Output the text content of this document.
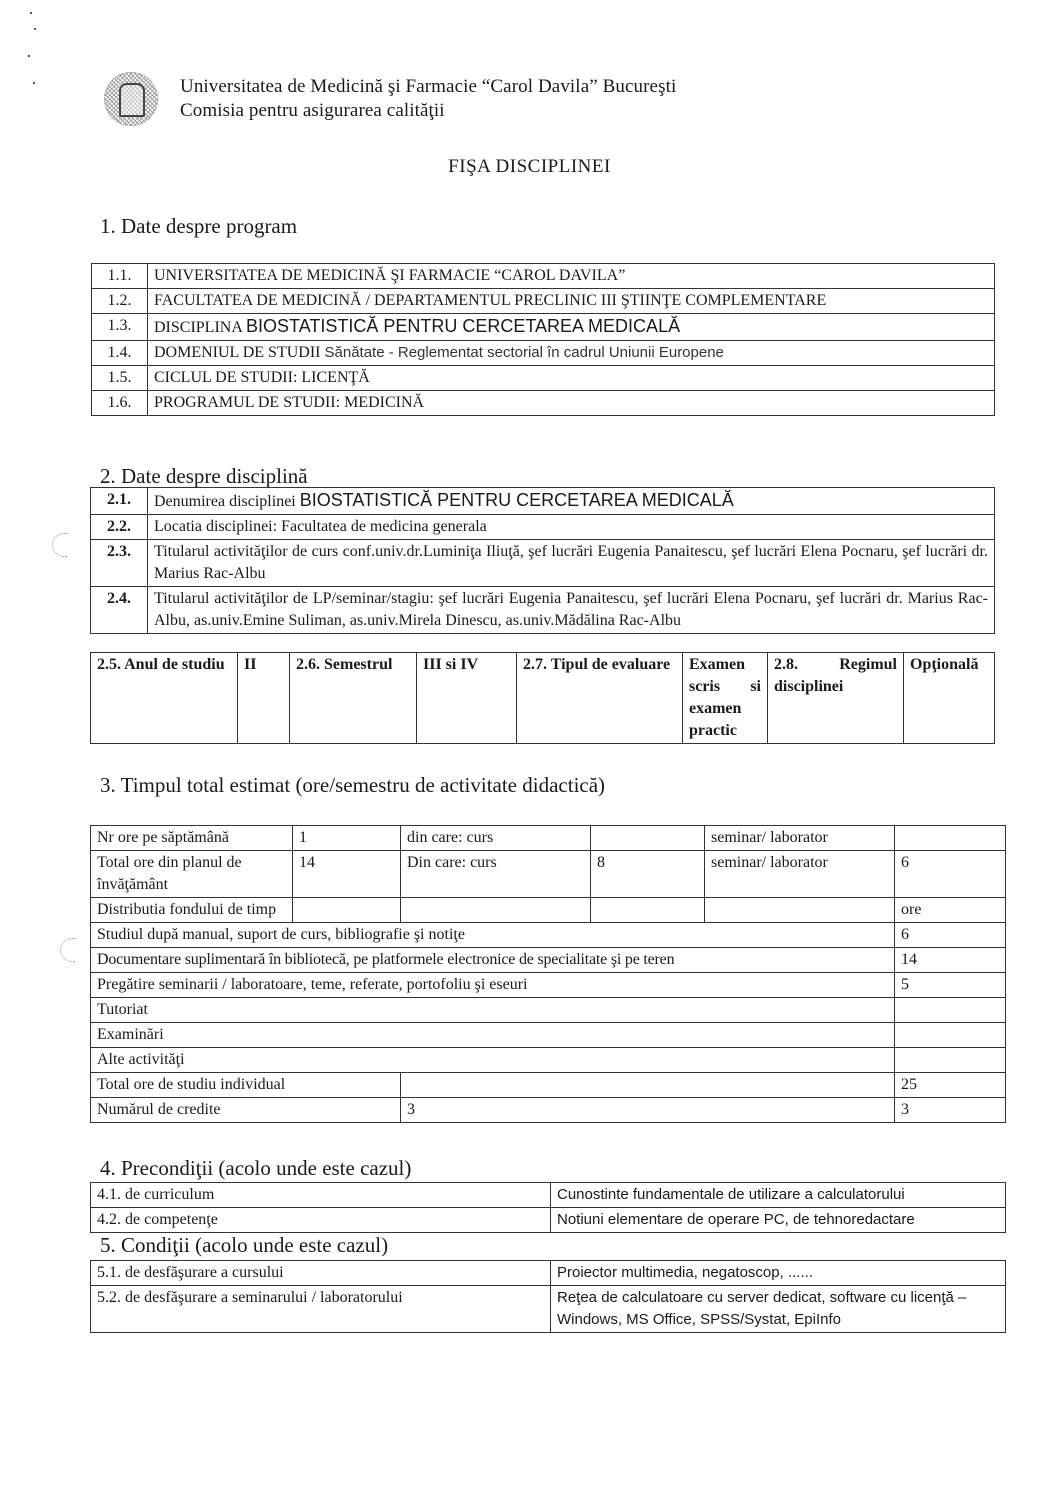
Universitatea de Medicină şi Farmacie “Carol Davila” Bucureşti
Comisia pentru asigurarea calităţii
FIŞA DISCIPLINEI
1. Date despre program
1.1.	UNIVERSITATEA DE MEDICINĂ ŞI FARMACIE “CAROL DAVILA”
1.2.	FACULTATEA DE MEDICINĂ / DEPARTAMENTUL PRECLINIC III ŞTIINŢE COMPLEMENTARE
1.3.	DISCIPLINA BIOSTATISTICĂ PENTRU CERCETAREA MEDICALĂ
1.4.	DOMENIUL DE STUDII Sănătate - Reglementat sectorial în cadrul Uniunii Europene
1.5.	CICLUL DE STUDII: LICENŢĂ
1.6.	PROGRAMUL DE STUDII: MEDICINĂ
2. Date despre disciplină
2.1.	Denumirea disciplinei BIOSTATISTICĂ PENTRU CERCETAREA MEDICALĂ
2.2.	Locatia disciplinei: Facultatea de medicina generala
2.3.	Titularul activităţilor de curs conf.univ.dr.Luminiţa Iliuţă, şef lucrări Eugenia Panaitescu, şef lucrări Elena Pocnaru, şef lucrări dr. Marius Rac-Albu
2.4.	Titularul activităţilor de LP/seminar/stagiu: şef lucrări Eugenia Panaitescu, şef lucrări Elena Pocnaru, şef lucrări dr. Marius Rac-Albu, as.univ.Emine Suliman, as.univ.Mirela Dinescu, as.univ.Mădălina Rac-Albu
2.5. Anul de studiu	II	2.6. Semestrul	III si IV	2.7. Tipul de evaluare	Examen scris si examen practic	2.8. Regimul disciplinei	Opţională
3. Timpul total estimat (ore/semestru de activitate didactică)
Nr ore pe săptămână	1	din care: curs		seminar/ laborator	
Total ore din planul de învăţământ	14	Din care: curs	8	seminar/ laborator	6
Distributia fondului de timp					ore
Studiul după manual, suport de curs, bibliografie şi notiţe					6
Documentare suplimentară în bibliotecă, pe platformele electronice de specialitate şi pe teren					14
Pregătire seminarii / laboratoare, teme, referate, portofoliu şi eseuri					5
Tutoriat					
Examinări					
Alte activităţi					
Total ore de studiu individual					25
Numărul de credite		3			3
4. Precondiţii (acolo unde este cazul)
4.1. de curriculum	Cunostinte fundamentale de utilizare a calculatorului
4.2. de competenţe	Notiuni elementare de operare PC, de tehnoredactare
5. Condiţii (acolo unde este cazul)
5.1. de desfăşurare a cursului	Proiector multimedia, negatoscop, ......
5.2. de desfăşurare a seminarului / laboratorului	Reţea de calculatoare cu server dedicat, software cu licenţă – Windows, MS Office, SPSS/Systat, EpiInfo
